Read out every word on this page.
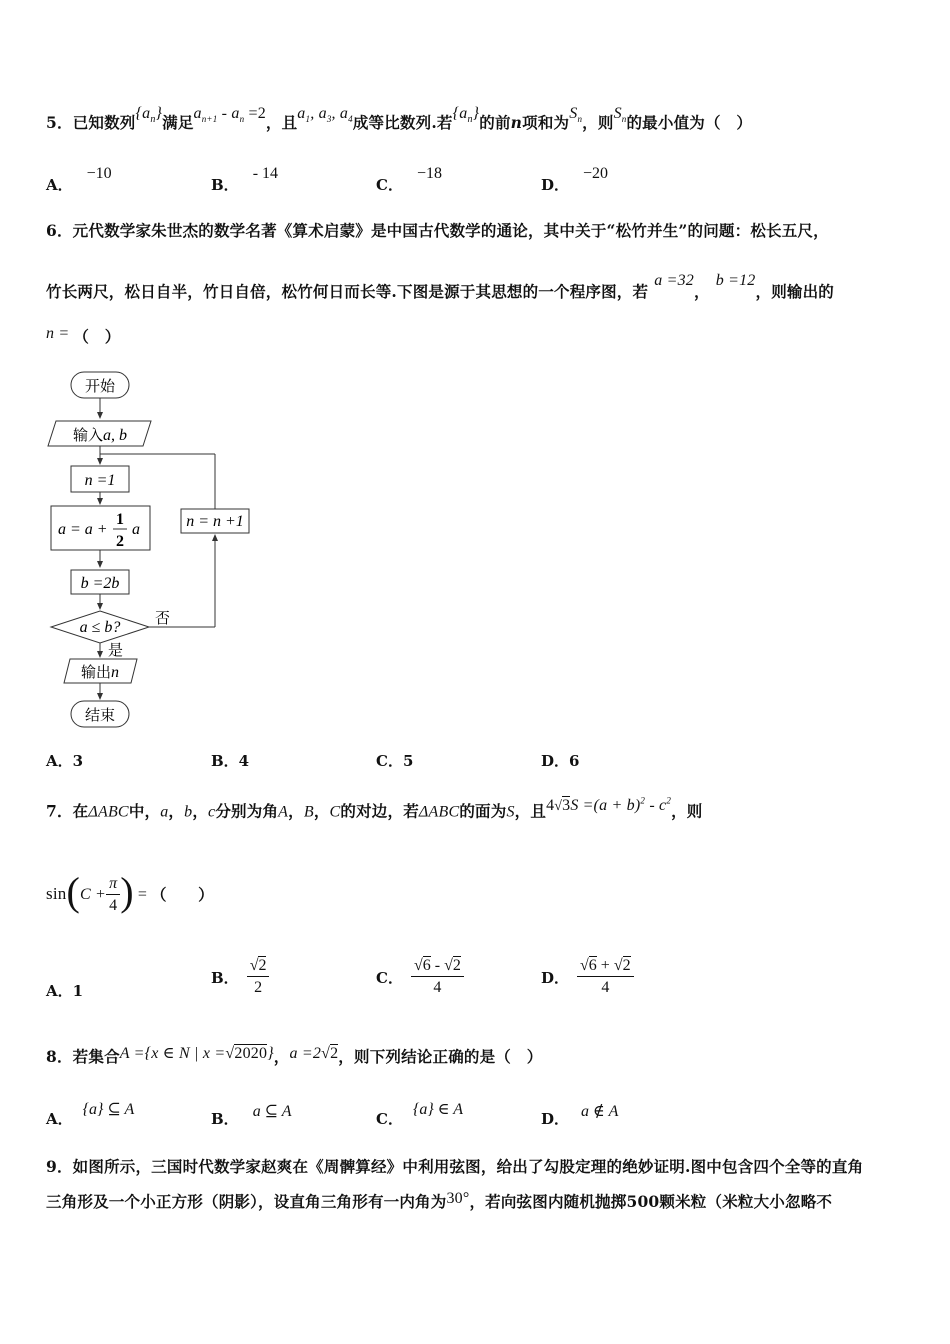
5．已知数列$\{a_n\}$满足$a_{n+1} - a_n =2$，且$a_1$, $a_3$, $a_4$成等比数列.若$\{a_n\}$的前n项和为$S_n$，则$S_n$的最小值为（　）
A．−10
B．- 14
C．−18
D．−20
6．元代数学家朱世杰的数学名著《算术启蒙》是中国古代数学的通论，其中关于“松竹并生”的问题：松长五尺，
竹长两尺，松日自半，竹日自倍，松竹何日而长等.下图是源于其思想的一个程序图，若a =32，b =12，则输出的
n = （　）
开始
输入a, b
n =1
a = a +
1
2
a
b =2b
a ≤ b?
否
是
输出n
结束
n = n +1
A．3	B．4	C．5	D．6
7．在ΔABC中，a，b，c分别为角A，B，C的对边，若ΔABC的面为S，且$4√3S =(a + b)^2 - c^2$，则
$\sin(C + \frac{\pi}{4}$ ) = （　　）
A．1
B． $\frac{√2}{2}$	C． $\frac{√6 - √2}{4}$	D． $\frac{√6 + √2}{4}$
8．若集合A ={x ∈ N | x =√2020}，a =2√2，则下列结论正确的是（　）
A．{a} ⊆ A
B． a ⊆ A	C．{a} ∈ A
D． a ∉ A
9．如图所示，三国时代数学家赵爽在《周髀算经》中利用弦图，给出了勾股定理的绝妙证明.图中包含四个全等的直角
三角形及一个小正方形（阴影），设直角三角形有一内角为30°，若向弦图内随机抛掷500颗米粒（米粒大小忽略不
